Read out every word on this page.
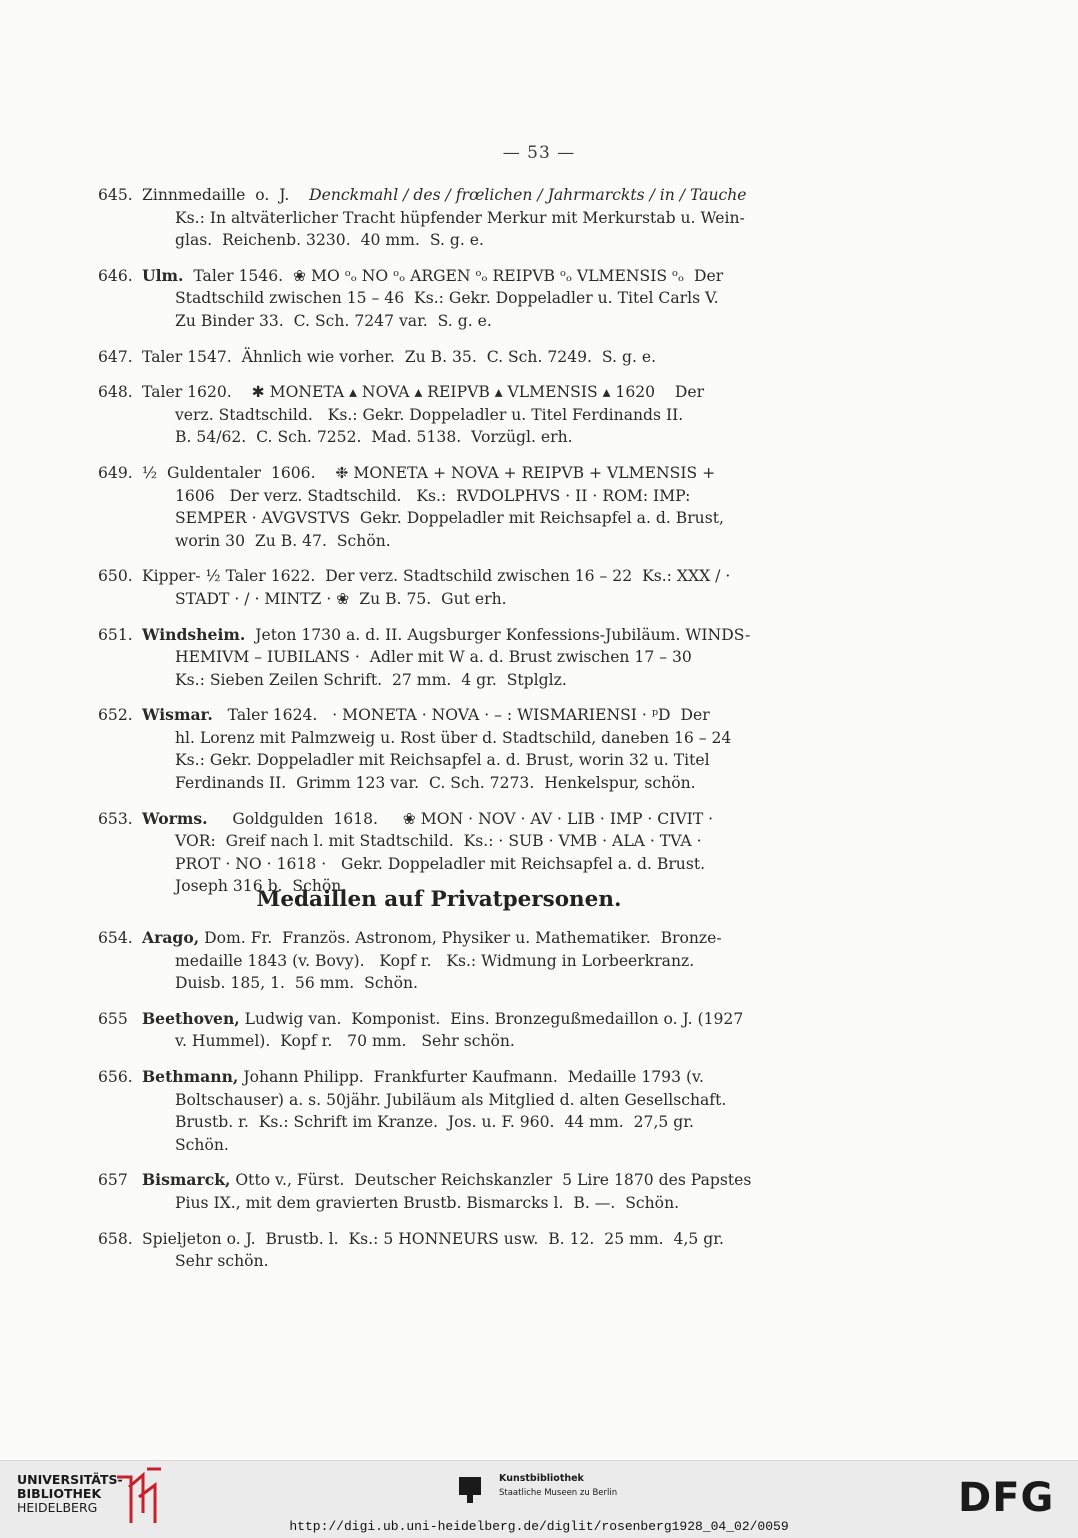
— 53 —
645. Zinnmedaille  o.  J.    Denckmahl / des / frœlichen / Jahrmarckts / in / Tauche
Ks.: In altväterlicher Tracht hüpfender Merkur mit Merkurstab u. Wein-
glas.  Reichenb. 3230.  40 mm.  S. g. e.
646. Ulm.  Taler 1546.  ❀ MO ᵒₒ NO ᵒₒ ARGEN ᵒₒ REIPVB ᵒₒ VLMENSIS ᵒₒ  Der
Stadtschild zwischen 15 – 46  Ks.: Gekr. Doppeladler u. Titel Carls V.
Zu Binder 33.  C. Sch. 7247 var.  S. g. e.
647. Taler 1547.  Ähnlich wie vorher.  Zu B. 35.  C. Sch. 7249.  S. g. e.
648. Taler 1620.    ✱ MONETA ▴ NOVA ▴ REIPVB ▴ VLMENSIS ▴ 1620    Der
verz. Stadtschild.   Ks.: Gekr. Doppeladler u. Titel Ferdinands II.
B. 54/62.  C. Sch. 7252.  Mad. 5138.  Vorzügl. erh.
649. ½  Guldentaler  1606.    ❉ MONETA + NOVA + REIPVB + VLMENSIS +
1606   Der verz. Stadtschild.   Ks.:  RVDOLPHVS · II · ROM: IMP:
SEMPER · AVGVSTVS  Gekr. Doppeladler mit Reichsapfel a. d. Brust,
worin 30  Zu B. 47.  Schön.
650. Kipper- ½ Taler 1622.  Der verz. Stadtschild zwischen 16 – 22  Ks.: XXX / ·
STADT · / · MINTZ · ❀  Zu B. 75.  Gut erh.
651. Windsheim.  Jeton 1730 a. d. II. Augsburger Konfessions-Jubiläum. WINDS-
HEMIVM – IUBILANS ·  Adler mit W a. d. Brust zwischen 17 – 30
Ks.: Sieben Zeilen Schrift.  27 mm.  4 gr.  Stplglz.
652. Wismar.   Taler 1624.   · MONETA · NOVA · – : WISMARIENSI · ᵖD  Der
hl. Lorenz mit Palmzweig u. Rost über d. Stadtschild, daneben 16 – 24
Ks.: Gekr. Doppeladler mit Reichsapfel a. d. Brust, worin 32 u. Titel
Ferdinands II.  Grimm 123 var.  C. Sch. 7273.  Henkelspur, schön.
653. Worms.     Goldgulden  1618.     ❀ MON · NOV · AV · LIB · IMP · CIVIT ·
VOR:  Greif nach l. mit Stadtschild.  Ks.: · SUB · VMB · ALA · TVA ·
PROT · NO · 1618 ·   Gekr. Doppeladler mit Reichsapfel a. d. Brust.
Joseph 316 b.  Schön.
Medaillen auf Privatpersonen.
654. Arago, Dom. Fr.  Französ. Astronom, Physiker u. Mathematiker.  Bronze-
medaille 1843 (v. Bovy).   Kopf r.   Ks.: Widmung in Lorbeerkranz.
Duisb. 185, 1.  56 mm.  Schön.
655 Beethoven, Ludwig van.  Komponist.  Eins. Bronzegußmedaillon o. J. (1927
v. Hummel).  Kopf r.   70 mm.   Sehr schön.
656. Bethmann, Johann Philipp.  Frankfurter Kaufmann.  Medaille 1793 (v.
Boltschauser) a. s. 50jähr. Jubiläum als Mitglied d. alten Gesellschaft.
Brustb. r.  Ks.: Schrift im Kranze.  Jos. u. F. 960.  44 mm.  27,5 gr.
Schön.
657 Bismarck, Otto v., Fürst.  Deutscher Reichskanzler  5 Lire 1870 des Papstes
Pius IX., mit dem gravierten Brustb. Bismarcks l.  B. —.  Schön.
658. Spieljeton o. J.  Brustb. l.  Ks.: 5 HONNEURS usw.  B. 12.  25 mm.  4,5 gr.
Sehr schön.
UNIVERSITÄTS-
BIBLIOTHEK
HEIDELBERG
Kunstbibliothek
Staatliche Museen zu Berlin	DFG
http://digi.ub.uni-heidelberg.de/diglit/rosenberg1928_04_02/0059
